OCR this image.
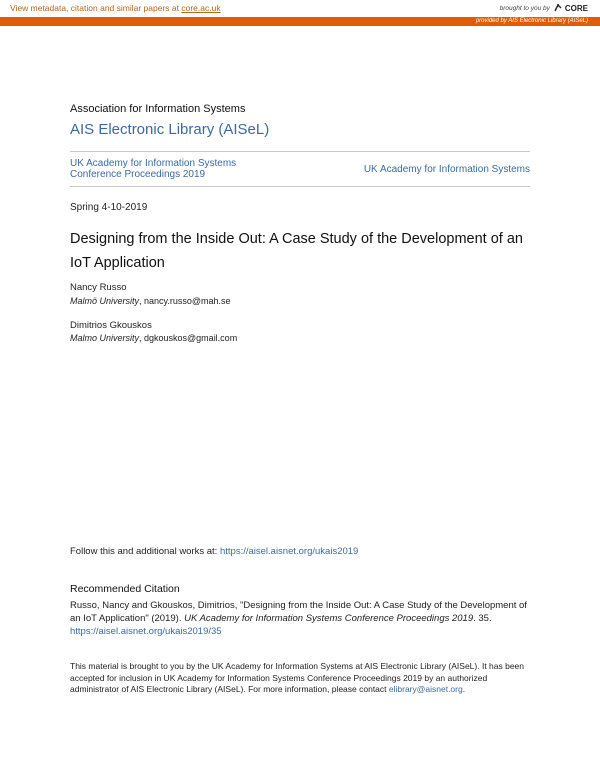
View metadata, citation and similar papers at core.ac.uk	brought to you by CORE
provided by AIS Electronic Library (AISeL)
Association for Information Systems
AIS Electronic Library (AISeL)
UK Academy for Information Systems
Conference Proceedings 2019	UK Academy for Information Systems
Spring 4-10-2019
Designing from the Inside Out: A Case Study of the Development of an IoT Application
Nancy Russo
Malmö University, nancy.russo@mah.se
Dimitrios Gkouskos
Malmo University, dgkouskos@gmail.com
Follow this and additional works at: https://aisel.aisnet.org/ukais2019
Recommended Citation
Russo, Nancy and Gkouskos, Dimitrios, "Designing from the Inside Out: A Case Study of the Development of an IoT Application" (2019). UK Academy for Information Systems Conference Proceedings 2019. 35.
https://aisel.aisnet.org/ukais2019/35
This material is brought to you by the UK Academy for Information Systems at AIS Electronic Library (AISeL). It has been accepted for inclusion in UK Academy for Information Systems Conference Proceedings 2019 by an authorized administrator of AIS Electronic Library (AISeL). For more information, please contact elibrary@aisnet.org.
